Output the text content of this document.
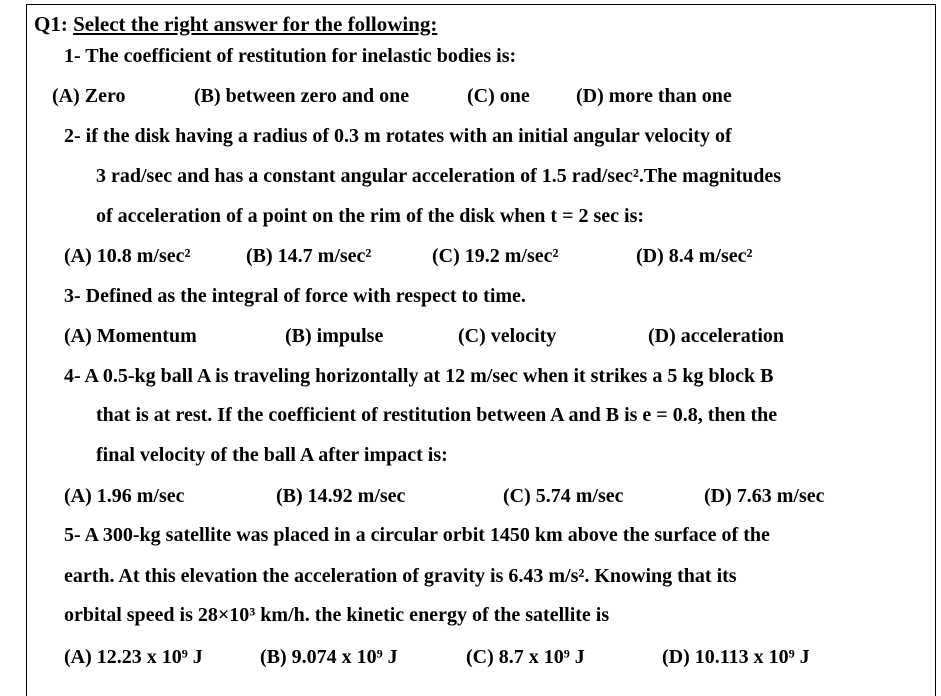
Q1: Select the right answer for the following:
1- The coefficient of restitution for inelastic bodies is:
(A) Zero	(B) between zero and one	(C) one (D) more than one
2- if the disk having a radius of 0.3 m rotates with an initial angular velocity of
3 rad/sec and has a constant angular acceleration of 1.5 rad/sec².The magnitudes
of acceleration of a point on the rim of the disk when t = 2 sec is:
(A) 10.8 m/sec²	(B) 14.7 m/sec²	(C) 19.2 m/sec²	(D) 8.4 m/sec²
3- Defined as the integral of force with respect to time.
(A) Momentum	(B) impulse	(C) velocity	(D) acceleration
4- A 0.5-kg ball A is traveling horizontally at 12 m/sec when it strikes a 5 kg block B
that is at rest. If the coefficient of restitution between A and B is e = 0.8, then the
final velocity of the ball A after impact is:
(A) 1.96 m/sec	(B) 14.92 m/sec	(C) 5.74 m/sec	(D) 7.63 m/sec
5- A 300-kg satellite was placed in a circular orbit 1450 km above the surface of the
earth. At this elevation the acceleration of gravity is 6.43 m/s². Knowing that its
orbital speed is 28×10³ km/h. the kinetic energy of the satellite is
(A) 12.23 x 10⁹ J	(B) 9.074 x 10⁹ J	(C) 8.7 x 10⁹ J	(D) 10.113 x 10⁹ J
